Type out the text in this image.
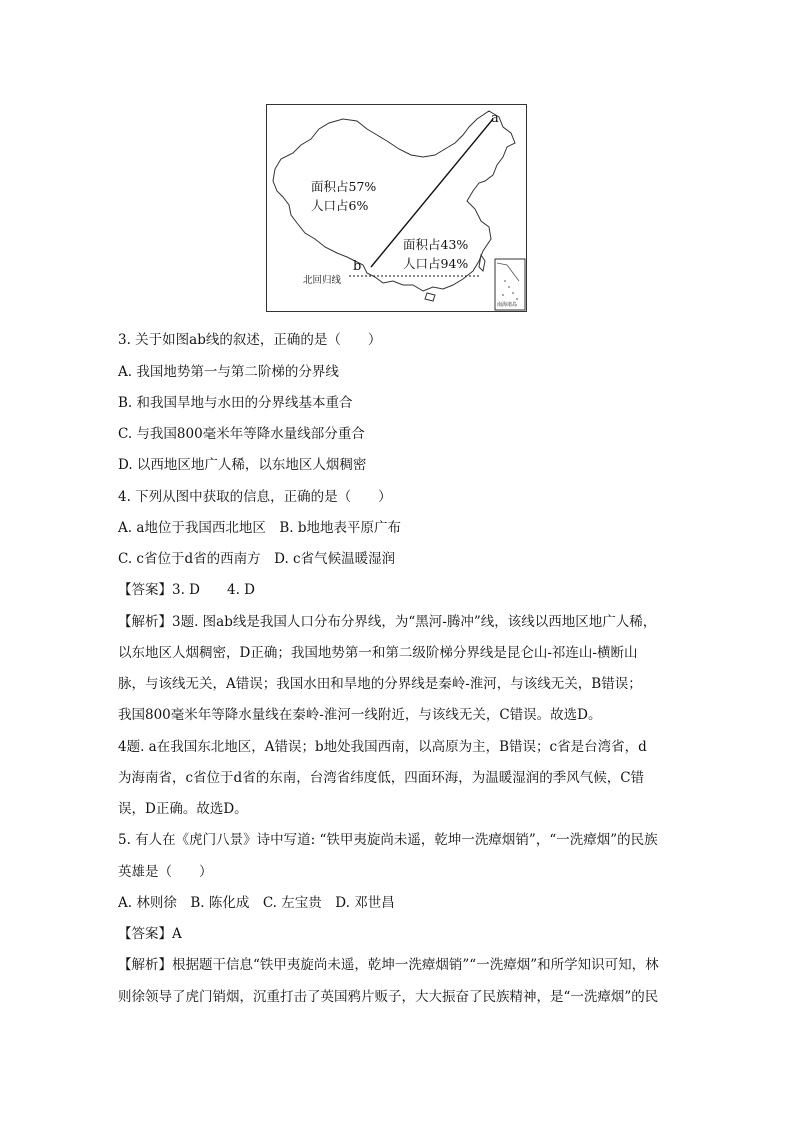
a
b
面积占57%
人口占6%
面积占43%
人口占94%
北回归线
南海诸岛
3. 关于如图ab线的叙述，正确的是（　　）
A. 我国地势第一与第二阶梯的分界线
B. 和我国旱地与水田的分界线基本重合
C. 与我国800毫米年等降水量线部分重合
D. 以西地区地广人稀，以东地区人烟稠密
4. 下列从图中获取的信息，正确的是（　　）
A. a地位于我国西北地区　B. b地地表平原广布
C. c省位于d省的西南方　D. c省气候温暖湿润
【答案】3. D　　4. D
【解析】3题. 图ab线是我国人口分布分界线，为“黑河-腾冲”线，该线以西地区地广人稀，
以东地区人烟稠密，D正确；我国地势第一和第二级阶梯分界线是昆仑山-祁连山-横断山
脉，与该线无关，A错误；我国水田和旱地的分界线是秦岭-淮河，与该线无关，B错误；
我国800毫米年等降水量线在秦岭-淮河一线附近，与该线无关，C错误。故选D。
4题. a在我国东北地区，A错误；b地处我国西南，以高原为主，B错误；c省是台湾省，d
为海南省，c省位于d省的东南，台湾省纬度低，四面环海，为温暖湿润的季风气候，C错
误，D正确。故选D。
5. 有人在《虎门八景》诗中写道: “铁甲夷旋尚未遥，乾坤一洗瘴烟销”，“一洗瘴烟”的民族
英雄是（　　）
A. 林则徐　B. 陈化成　C. 左宝贵　D. 邓世昌
【答案】A
【解析】根据题干信息“铁甲夷旋尚未遥，乾坤一洗瘴烟销”“一洗瘴烟”和所学知识可知，林
则徐领导了虎门销烟，沉重打击了英国鸦片贩子，大大振奋了民族精神，是“一洗瘴烟”的民
